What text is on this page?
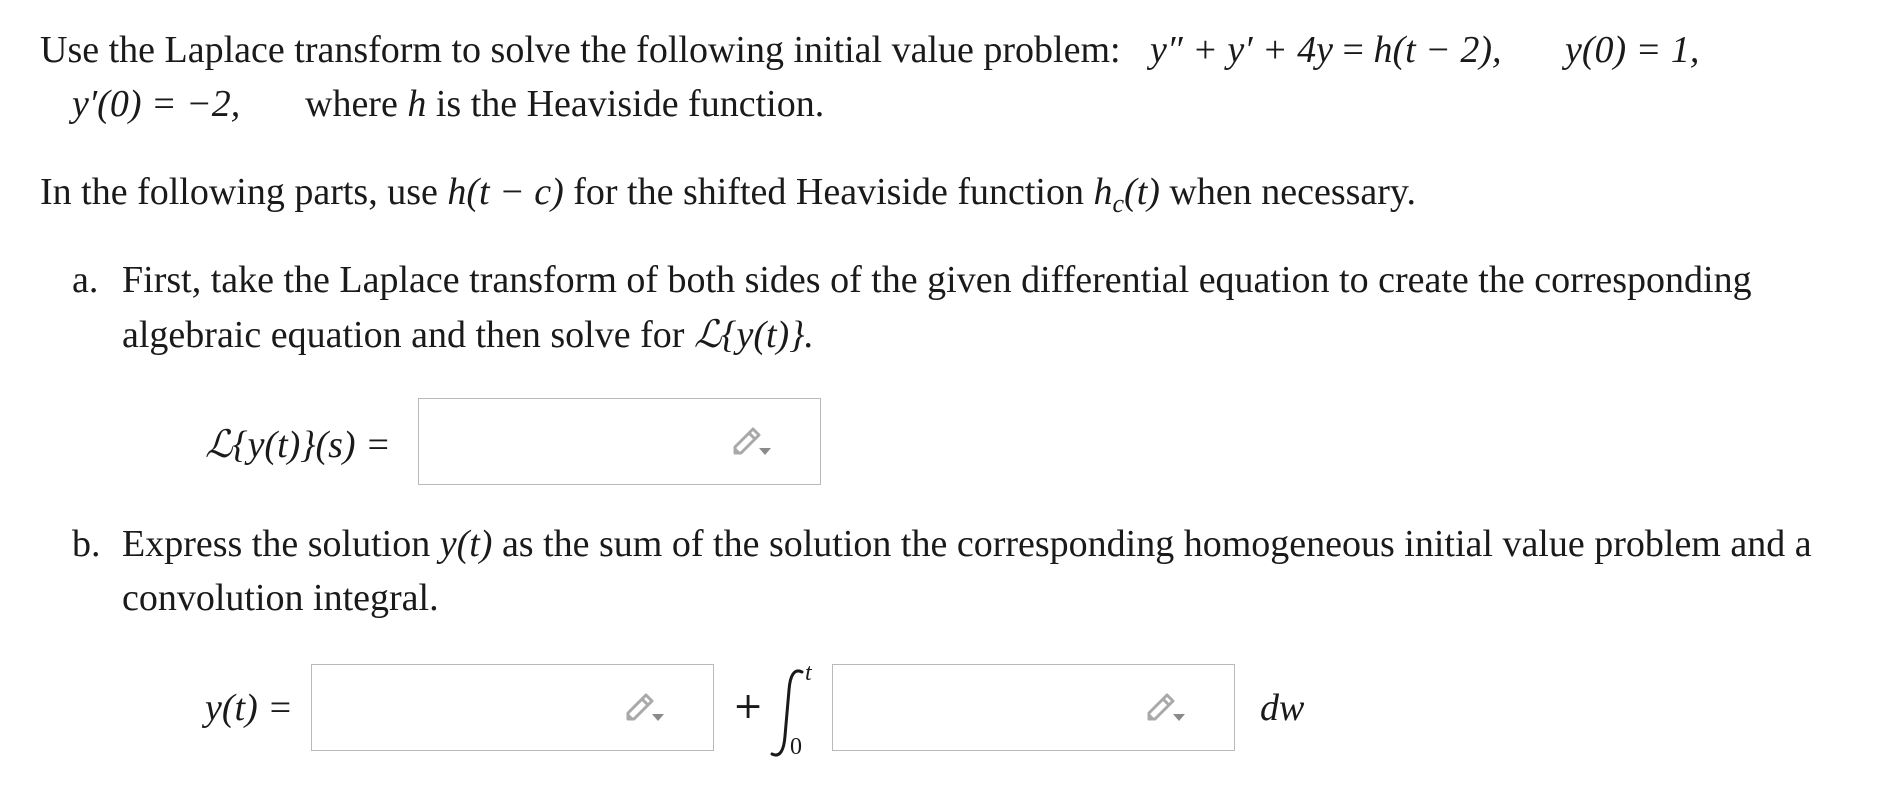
Use the Laplace transform to solve the following initial value problem: y″ + y′ + 4y = h(t − 2), y(0) = 1,
y′(0) = −2, where h is the Heaviside function.
In the following parts, use h(t − c) for the shifted Heaviside function $h_c(t)$ when necessary.
a. First, take the Laplace transform of both sides of the given differential equation to create the corresponding
algebraic equation and then solve for ℒ{y(t)}.
ℒ{y(t)}(s) =
b. Express the solution y(t) as the sum of the solution the corresponding homogeneous initial value problem and a
convolution integral.
y(t) =	+
t
0
dw
